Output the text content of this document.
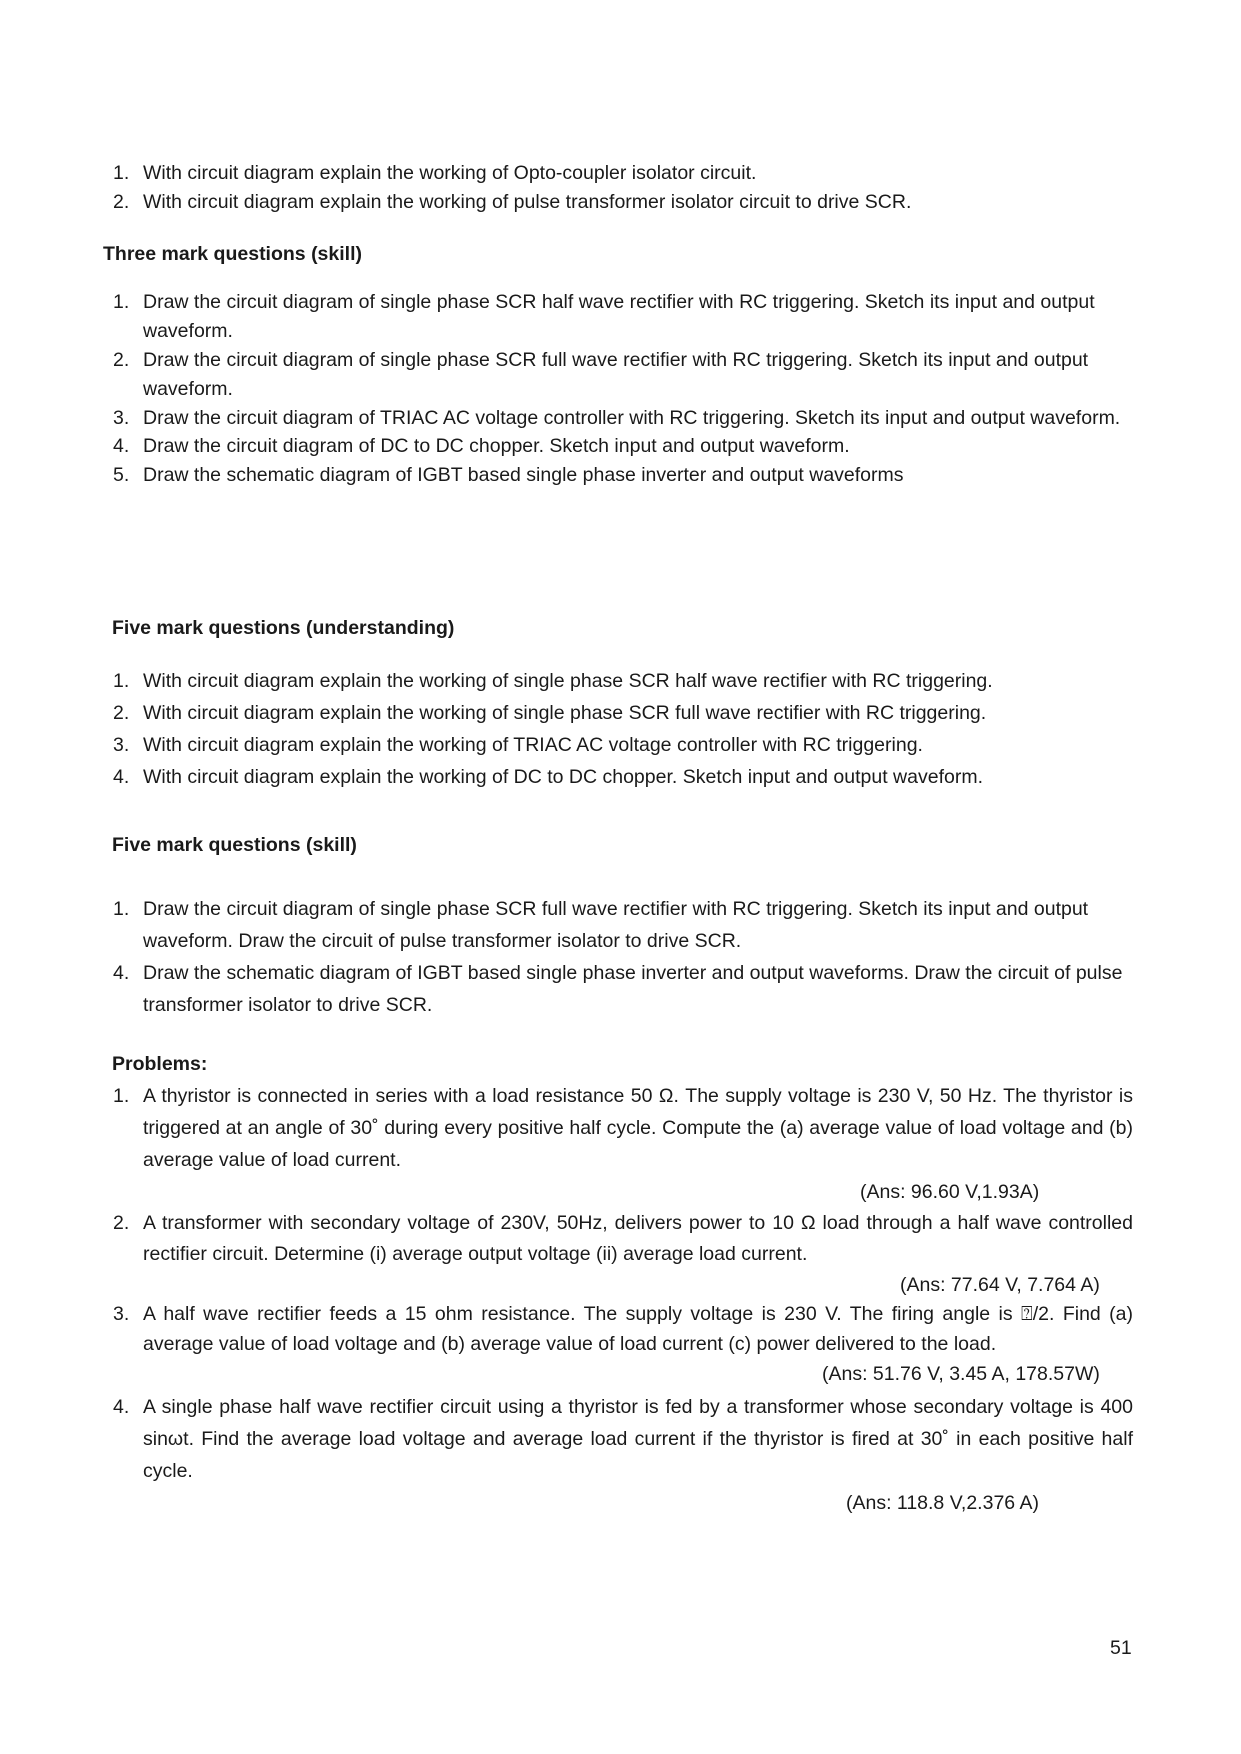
1. With circuit diagram explain the working of Opto-coupler isolator circuit.
2. With circuit diagram explain the working of pulse transformer isolator circuit to drive SCR.
Three mark questions (skill)
1. Draw the circuit diagram of single phase SCR half wave rectifier with RC triggering. Sketch its input and output waveform.
2. Draw the circuit diagram of single phase SCR full wave rectifier with RC triggering. Sketch its input and output waveform.
3. Draw the circuit diagram of TRIAC AC voltage controller with RC triggering. Sketch its input and output waveform.
4. Draw the circuit diagram of DC to DC chopper. Sketch input and output waveform.
5. Draw the schematic diagram of IGBT based single phase inverter and output waveforms
Five mark questions (understanding)
1. With circuit diagram explain the working of single phase SCR half wave rectifier with RC triggering.
2. With circuit diagram explain the working of single phase SCR full wave rectifier with RC triggering.
3. With circuit diagram explain the working of TRIAC AC voltage controller with RC triggering.
4. With circuit diagram explain the working of DC to DC chopper. Sketch input and output waveform.
Five mark questions (skill)
1. Draw the circuit diagram of single phase SCR full wave rectifier with RC triggering. Sketch its input and output waveform. Draw the circuit of pulse transformer isolator to drive SCR.
4. Draw the schematic diagram of IGBT based single phase inverter and output waveforms. Draw the circuit of pulse transformer isolator to drive SCR.
Problems:
1. A thyristor is connected in series with a load resistance 50 Ω. The supply voltage is 230 V, 50 Hz. The thyristor is triggered at an angle of 30˚ during every positive half cycle. Compute the (a) average value of load voltage and (b) average value of load current.
(Ans: 96.60 V,1.93A)
2. A transformer with secondary voltage of 230V, 50Hz, delivers power to 10 Ω load through a half wave controlled rectifier circuit. Determine (i) average output voltage (ii) average load current.
(Ans: 77.64 V, 7.764 A)
3. A half wave rectifier feeds a 15 ohm resistance. The supply voltage is 230 V. The firing angle is ⍰/2. Find (a) average value of load voltage and (b) average value of load current (c) power delivered to the load.
(Ans: 51.76 V, 3.45 A, 178.57W)
4. A single phase half wave rectifier circuit using a thyristor is fed by a transformer whose secondary voltage is 400 sinωt. Find the average load voltage and average load current if the thyristor is fired at 30˚ in each positive half cycle.
(Ans: 118.8 V,2.376 A)
51
